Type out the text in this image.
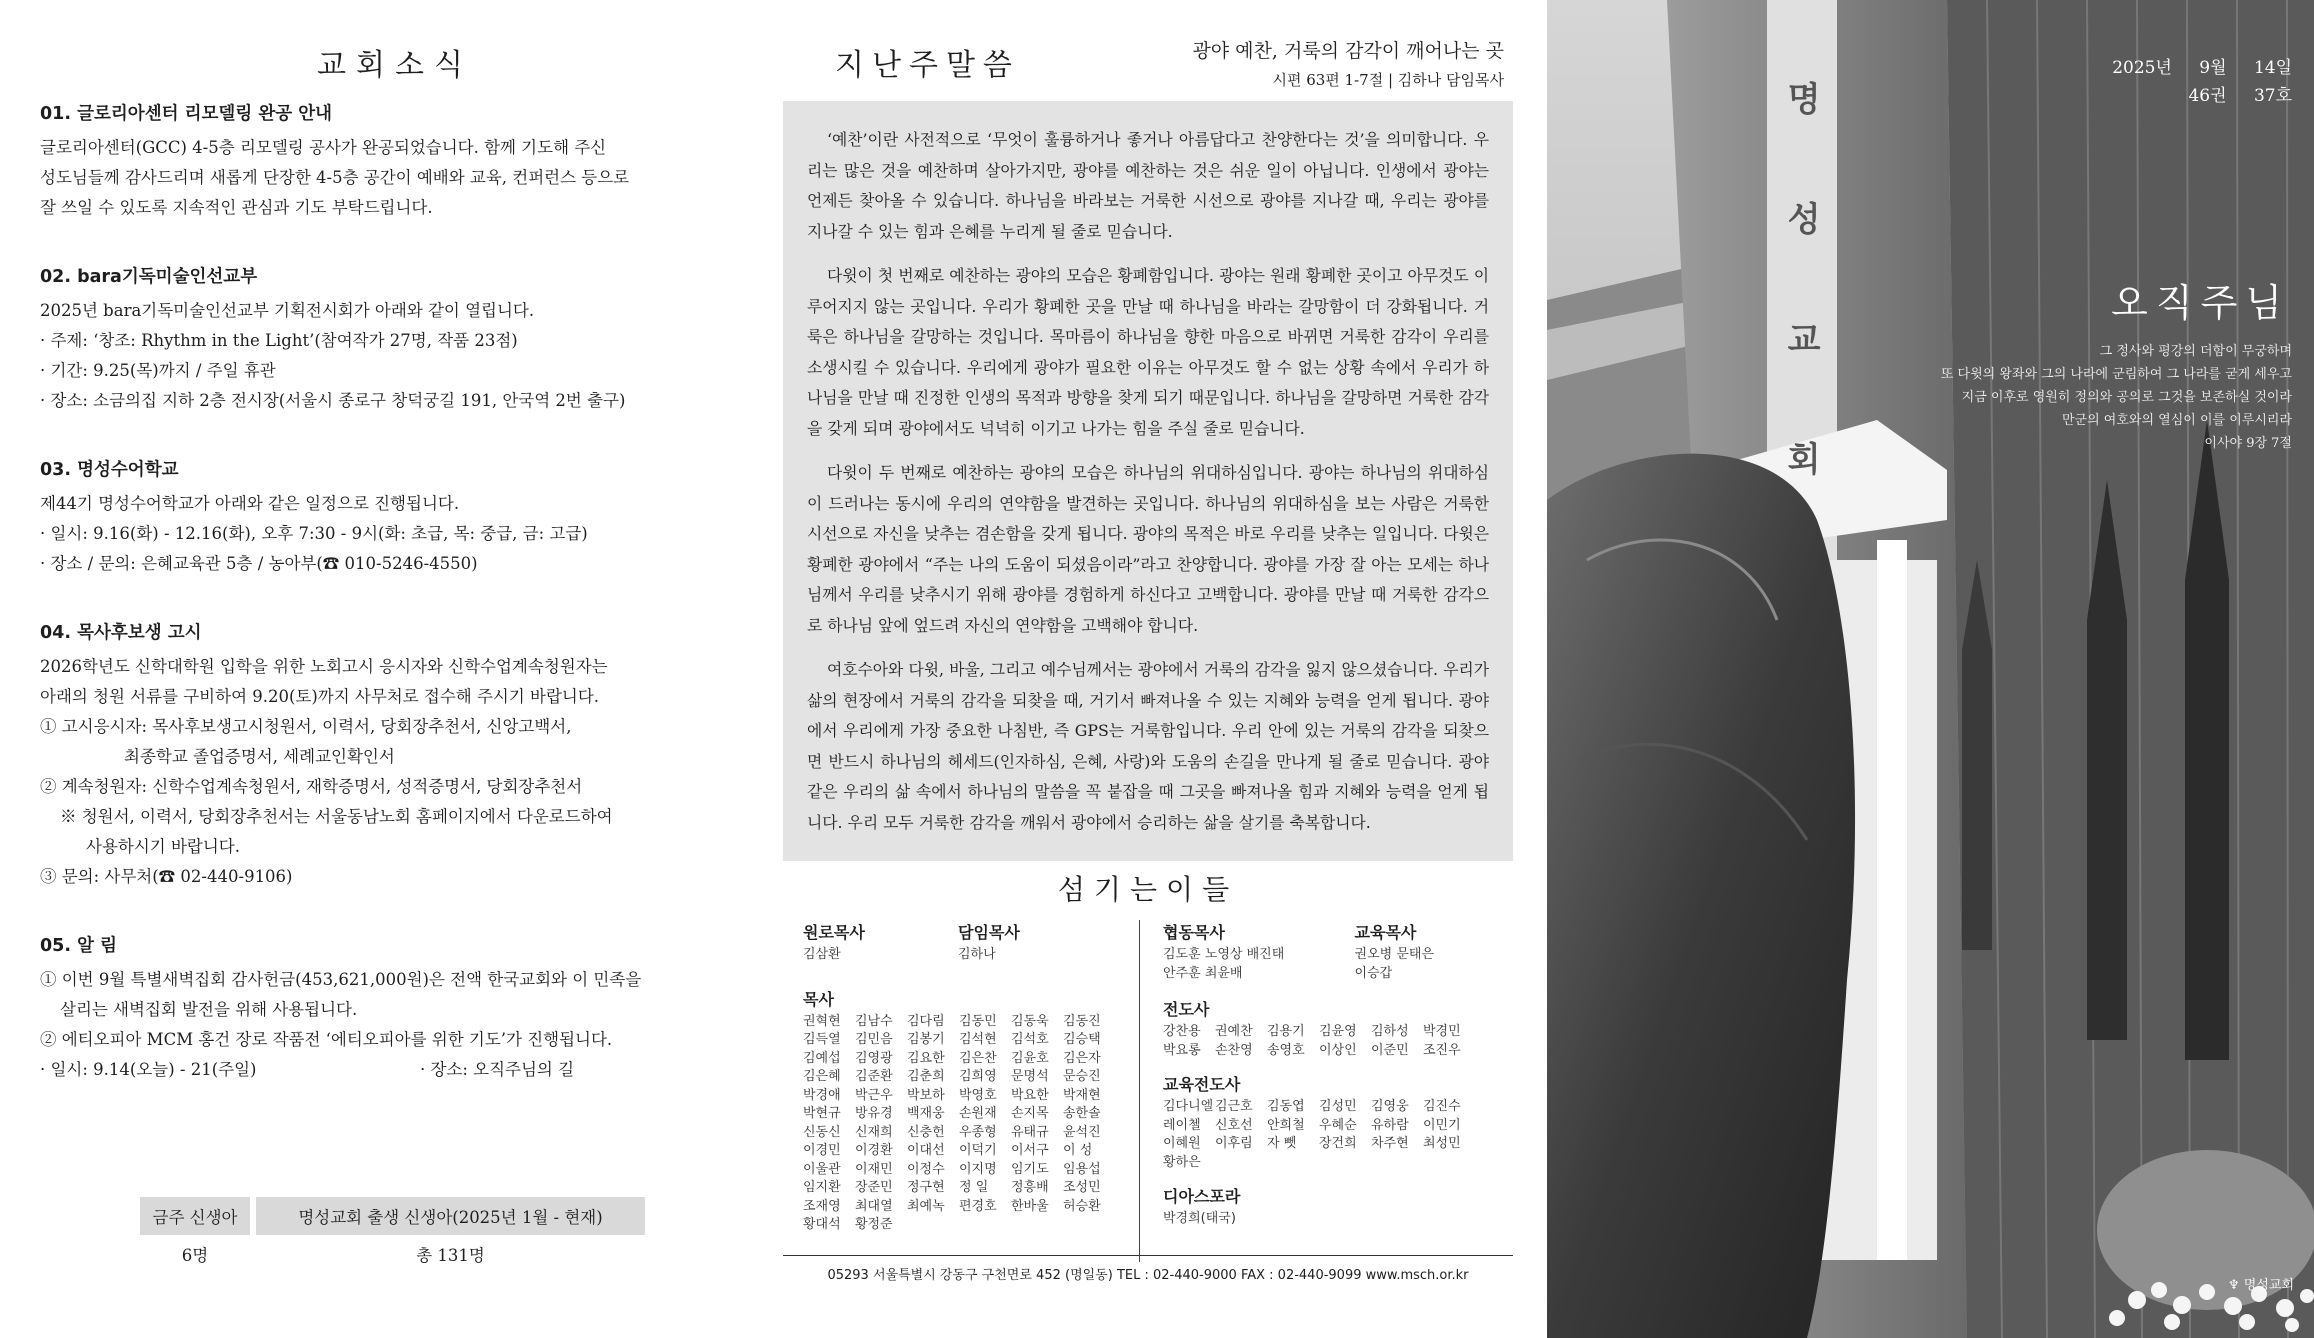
교회소식
01. 글로리아센터 리모델링 완공 안내
글로리아센터(GCC) 4-5층 리모델링 공사가 완공되었습니다. 함께 기도해 주신
성도님들께 감사드리며 새롭게 단장한 4-5층 공간이 예배와 교육, 컨퍼런스 등으로
잘 쓰일 수 있도록 지속적인 관심과 기도 부탁드립니다.
02. bara기독미술인선교부
2025년 bara기독미술인선교부 기획전시회가 아래와 같이 열립니다.
· 주제: ‘창조: Rhythm in the Light’(참여작가 27명, 작품 23점)
· 기간: 9.25(목)까지 / 주일 휴관
· 장소: 소금의집 지하 2층 전시장(서울시 종로구 창덕궁길 191, 안국역 2번 출구)
03. 명성수어학교
제44기 명성수어학교가 아래와 같은 일정으로 진행됩니다.
· 일시: 9.16(화) - 12.16(화), 오후 7:30 - 9시(화: 초급, 목: 중급, 금: 고급)
· 장소 / 문의: 은혜교육관 5층 / 농아부(☎ 010-5246-4550)
04. 목사후보생 고시
2026학년도 신학대학원 입학을 위한 노회고시 응시자와 신학수업계속청원자는
아래의 청원 서류를 구비하여 9.20(토)까지 사무처로 접수해 주시기 바랍니다.
① 고시응시자: 목사후보생고시청원서, 이력서, 당회장추천서, 신앙고백서,
최종학교 졸업증명서, 세례교인확인서
② 계속청원자: 신학수업계속청원서, 재학증명서, 성적증명서, 당회장추천서
※ 청원서, 이력서, 당회장추천서는 서울동남노회 홈페이지에서 다운로드하여
사용하시기 바랍니다.
③ 문의: 사무처(☎ 02-440-9106)
05. 알 림
① 이번 9월 특별새벽집회 감사헌금(453,621,000원)은 전액 한국교회와 이 민족을
살리는 새벽집회 발전을 위해 사용됩니다.
② 에티오피아 MCM 홍건 장로 작품전 ‘에티오피아를 위한 기도’가 진행됩니다.
· 일시: 9.14(오늘) - 21(주일)	· 장소: 오직주님의 길
금주 신생아		명성교회 출생 신생아(2025년 1월 - 현재)
6명		총 131명
지난주말씀	광야 예찬, 거룩의 감각이 깨어나는 곳
시편 63편 1-7절 | 김하나 담임목사

‘예찬’이란 사전적으로 ‘무엇이 훌륭하거나 좋거나 아름답다고 찬양한다는 것’을 의미합니다. 우리는 많은 것을 예찬하며 살아가지만, 광야를 예찬하는 것은 쉬운 일이 아닙니다. 인생에서 광야는 언제든 찾아올 수 있습니다. 하나님을 바라보는 거룩한 시선으로 광야를 지나갈 때, 우리는 광야를 지나갈 수 있는 힘과 은혜를 누리게 될 줄로 믿습니다.

다윗이 첫 번째로 예찬하는 광야의 모습은 황폐함입니다. 광야는 원래 황폐한 곳이고 아무것도 이루어지지 않는 곳입니다. 우리가 황폐한 곳을 만날 때 하나님을 바라는 갈망함이 더 강화됩니다. 거룩은 하나님을 갈망하는 것입니다. 목마름이 하나님을 향한 마음으로 바뀌면 거룩한 감각이 우리를 소생시킬 수 있습니다. 우리에게 광야가 필요한 이유는 아무것도 할 수 없는 상황 속에서 우리가 하나님을 만날 때 진정한 인생의 목적과 방향을 찾게 되기 때문입니다. 하나님을 갈망하면 거룩한 감각을 갖게 되며 광야에서도 넉넉히 이기고 나가는 힘을 주실 줄로 믿습니다.

다윗이 두 번째로 예찬하는 광야의 모습은 하나님의 위대하심입니다. 광야는 하나님의 위대하심이 드러나는 동시에 우리의 연약함을 발견하는 곳입니다. 하나님의 위대하심을 보는 사람은 거룩한 시선으로 자신을 낮추는 겸손함을 갖게 됩니다. 광야의 목적은 바로 우리를 낮추는 일입니다. 다윗은 황폐한 광야에서 “주는 나의 도움이 되셨음이라”라고 찬양합니다. 광야를 가장 잘 아는 모세는 하나님께서 우리를 낮추시기 위해 광야를 경험하게 하신다고 고백합니다. 광야를 만날 때 거룩한 감각으로 하나님 앞에 엎드려 자신의 연약함을 고백해야 합니다.

여호수아와 다윗, 바울, 그리고 예수님께서는 광야에서 거룩의 감각을 잃지 않으셨습니다. 우리가 삶의 현장에서 거룩의 감각을 되찾을 때, 거기서 빠져나올 수 있는 지혜와 능력을 얻게 됩니다. 광야에서 우리에게 가장 중요한 나침반, 즉 GPS는 거룩함입니다. 우리 안에 있는 거룩의 감각을 되찾으면 반드시 하나님의 헤세드(인자하심, 은혜, 사랑)와 도움의 손길을 만나게 될 줄로 믿습니다. 광야 같은 우리의 삶 속에서 하나님의 말씀을 꼭 붙잡을 때 그곳을 빠져나올 힘과 지혜와 능력을 얻게 됩니다. 우리 모두 거룩한 감각을 깨워서 광야에서 승리하는 삶을 살기를 축복합니다.

섬기는이들
원로목사
김삼환
담임목사
김하나
목사
권혁현	김남수	김다림	김동민	김동욱	김동진
김득열	김민음	김봉기	김석현	김석호	김승택
김예섭	김영광	김요한	김은찬	김윤호	김은자
김은혜	김준환	김춘희	김희영	문명석	문승진
박경애	박근우	박보하	박영호	박요한	박재현
박현규	방유경	백재웅	손원재	손지목	송한솔
신동신	신재희	신충헌	우종형	유태규	윤석진
이경민	이경환	이대선	이덕기	이서구	이 성
이울관	이재민	이정수	이지명	임기도	임용섭
임지환	장준민	정구현	정 일	정흥배	조성민
조재영	최대열	최예녹	편경호	한바울	허승환
황대석	황정준
협동목사
김도훈 노영상 배진태
안주훈 최윤배
교육목사
권오병 문태은
이승갑
전도사
강찬용	권예찬	김용기	김윤영	김하성	박경민
박요롱	손찬영	송영호	이상인	이준민	조진우
교육전도사
김다니엘 김근호	김동엽	김성민	김영웅	김진수
레이첼	신호선	안희철	우혜순	유하람	이민기
이혜원	이후림	자 뻿	장건희	차주현	최성민
황하은
디아스포라
박경희(태국)
05293 서울특별시 강동구 구천면로 452 (명일동) TEL : 02-440-9000 FAX : 02-440-9099 www.msch.or.kr
명
성
교
회
2025년 9월 14일
46권 37호
오직주님
그 정사와 평강의 더함이 무궁하며
또 다윗의 왕좌와 그의 나라에 군림하여 그 나라를 굳게 세우고
지금 이후로 영원히 정의와 공의로 그것을 보존하실 것이라
만군의 여호와의 열심이 이를 이루시리라
이사야 9장 7절
♆ 명성교회
